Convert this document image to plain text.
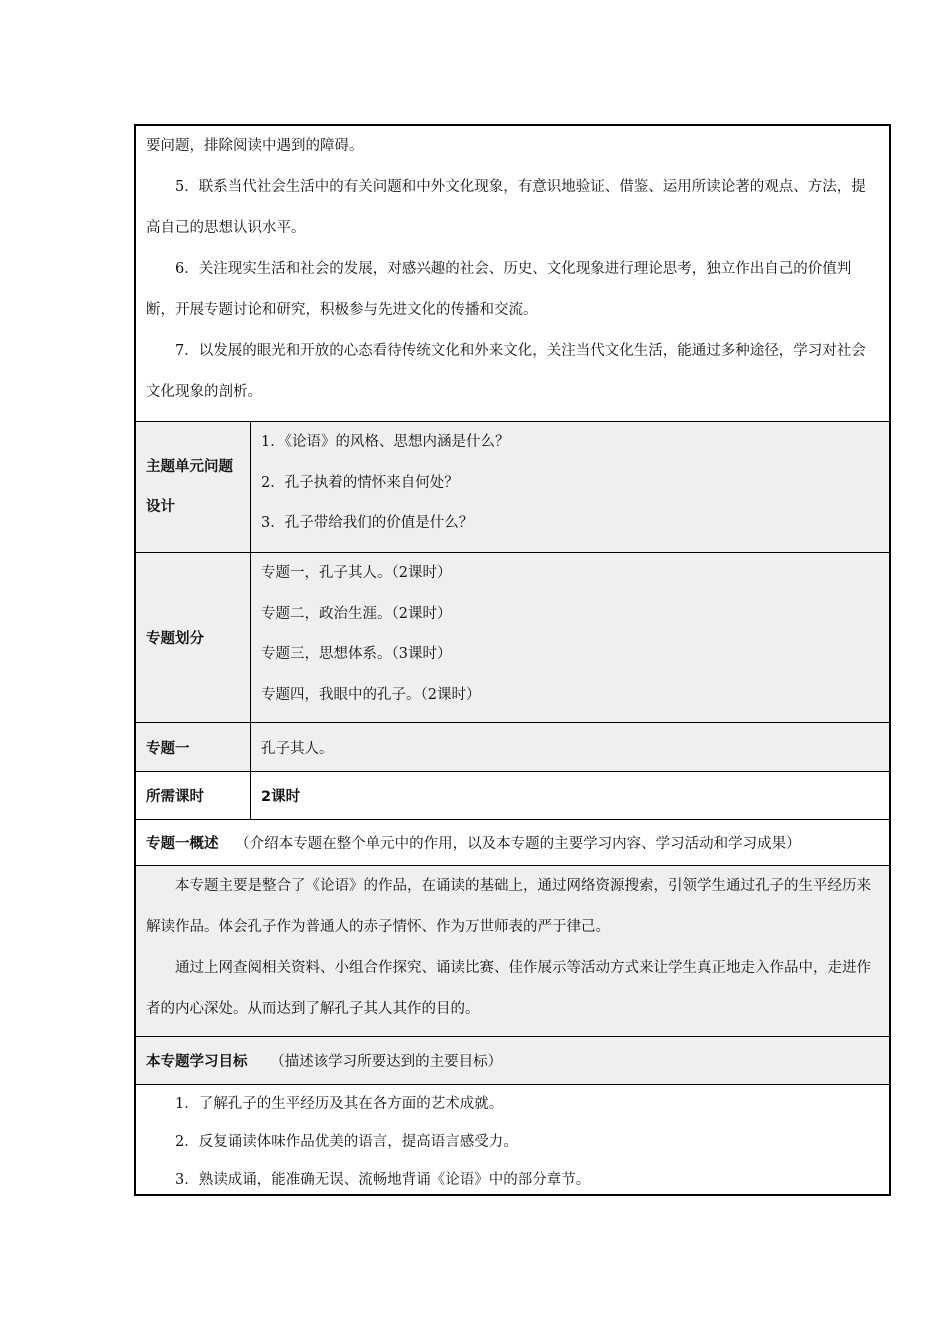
要问题，排除阅读中遇到的障碍。

5．联系当代社会生活中的有关问题和中外文化现象，有意识地验证、借鉴、运用所读论著的观点、方法，提高自己的思想认识水平。

6．关注现实生活和社会的发展，对感兴趣的社会、历史、文化现象进行理论思考，独立作出自己的价值判断，开展专题讨论和研究，积极参与先进文化的传播和交流。

7．以发展的眼光和开放的心态看待传统文化和外来文化，关注当代文化生活，能通过多种途径，学习对社会文化现象的剖析。

主题单元问题设计

1．《论语》的风格、思想内涵是什么？

2．孔子执着的情怀来自何处？

3．孔子带给我们的价值是什么？

专题划分

专题一，孔子其人。（2课时）

专题二，政治生涯。（2课时）

专题三，思想体系。（3课时）

专题四，我眼中的孔子。（2课时）

专题一	孔子其人。

所需课时	2课时

专题一概述 （介绍本专题在整个单元中的作用，以及本专题的主要学习内容、学习活动和学习成果）

本专题主要是整合了《论语》的作品，在诵读的基础上，通过网络资源搜索，引领学生通过孔子的生平经历来解读作品。体会孔子作为普通人的赤子情怀、作为万世师表的严于律己。

通过上网查阅相关资料、小组合作探究、诵读比赛、佳作展示等活动方式来让学生真正地走入作品中，走进作者的内心深处。从而达到了解孔子其人其作的目的。

本专题学习目标 （描述该学习所要达到的主要目标）

1．了解孔子的生平经历及其在各方面的艺术成就。

2．反复诵读体味作品优美的语言，提高语言感受力。

3．熟读成诵，能准确无误、流畅地背诵《论语》中的部分章节。
